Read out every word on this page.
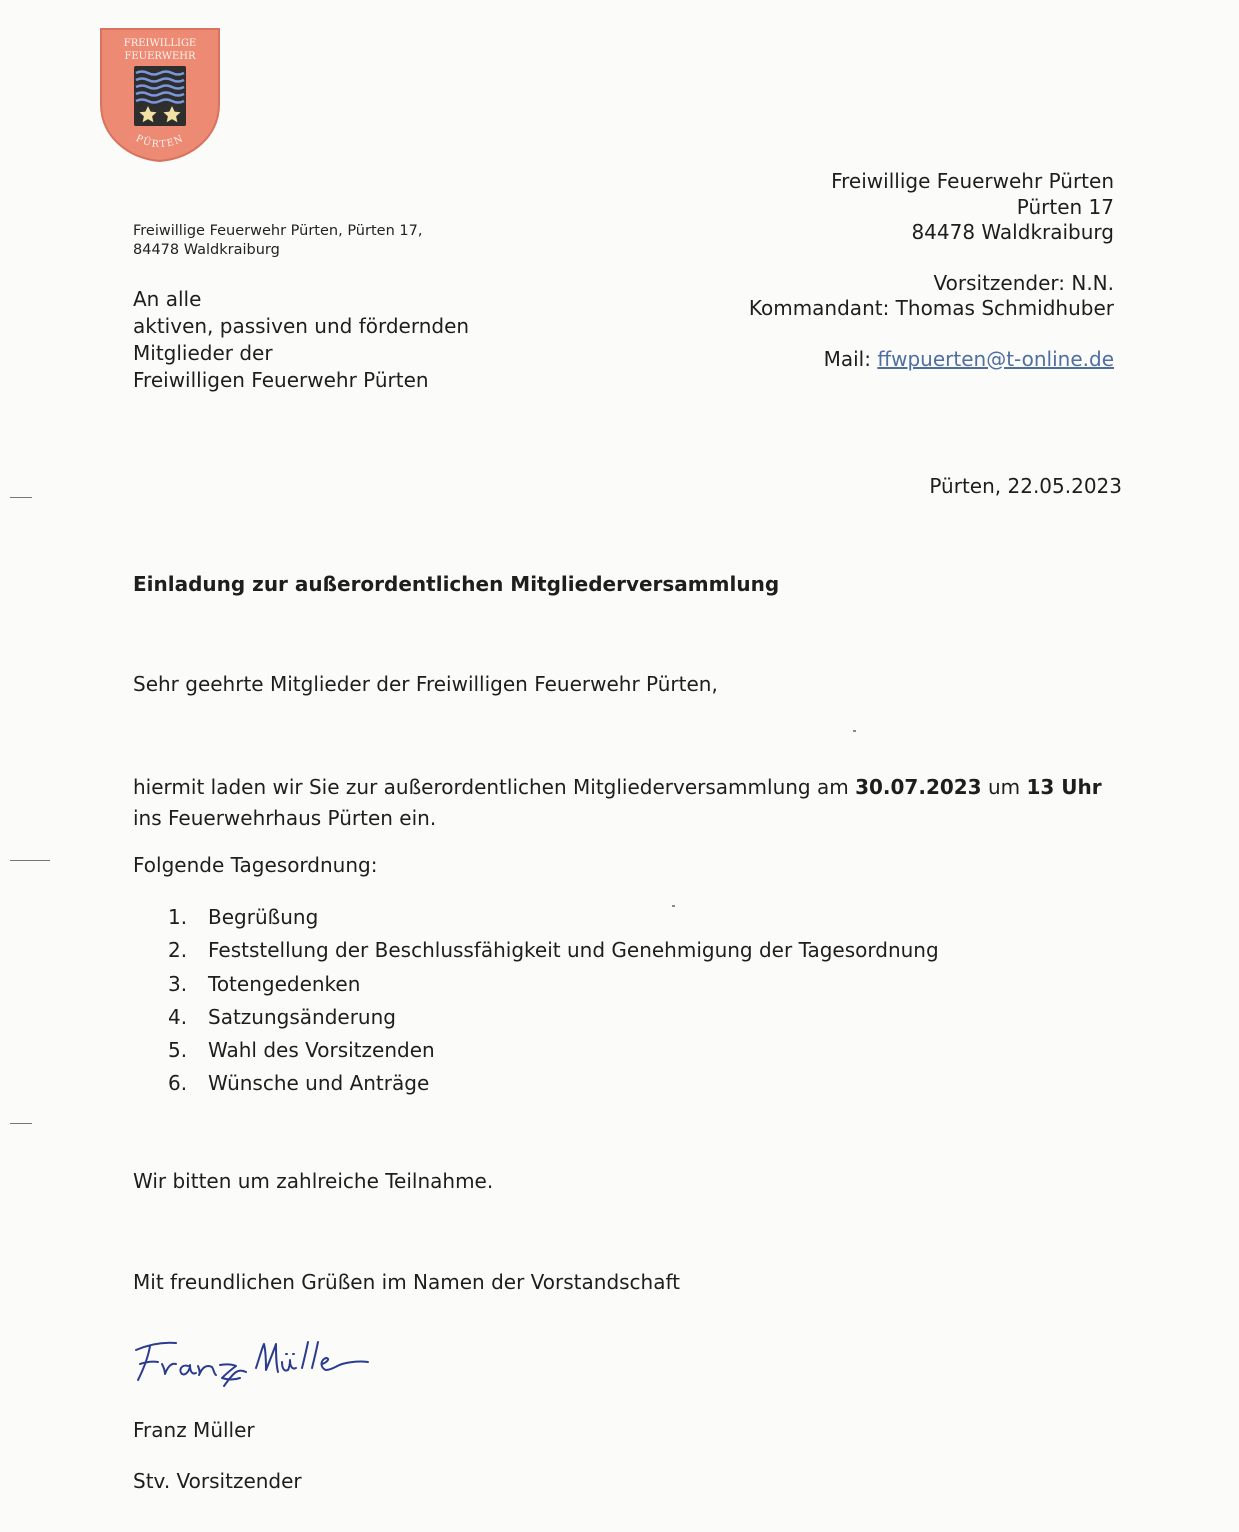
FREIWILLIGE
FEUERWEHR
PÜRTEN
Freiwillige Feuerwehr Pürten, Pürten 17,
84478 Waldkraiburg
An alle
aktiven, passiven und fördernden
Mitglieder der
Freiwilligen Feuerwehr Pürten
Freiwillige Feuerwehr Pürten
Pürten 17
84478 Waldkraiburg
Vorsitzender: N.N.
Kommandant: Thomas Schmidhuber
Mail: ffwpuerten@t-online.de
Pürten, 22.05.2023
Einladung zur außerordentlichen Mitgliederversammlung
Sehr geehrte Mitglieder der Freiwilligen Feuerwehr Pürten,
hiermit laden wir Sie zur außerordentlichen Mitgliederversammlung am 30.07.2023 um 13 Uhr
ins Feuerwehrhaus Pürten ein.
Folgende Tagesordnung:
1.	Begrüßung
2.	Feststellung der Beschlussfähigkeit und Genehmigung der Tagesordnung
3.	Totengedenken
4.	Satzungsänderung
5.	Wahl des Vorsitzenden
6.	Wünsche und Anträge
Wir bitten um zahlreiche Teilnahme.
Mit freundlichen Grüßen im Namen der Vorstandschaft
Franz Müller
Stv. Vorsitzender
